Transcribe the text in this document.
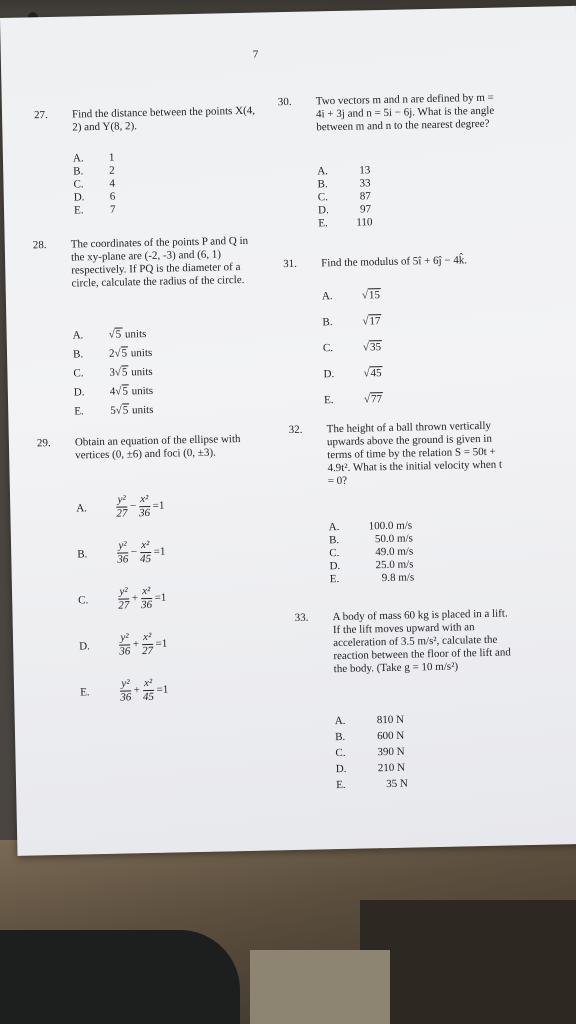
7
27. Find the distance between the points X(4, 2) and Y(8, 2).
A. 1
B. 2
C. 4
D. 6
E. 7
28. The coordinates of the points P and Q in the xy-plane are (-2, -3) and (6, 1) respectively. If PQ is the diameter of a circle, calculate the radius of the circle.
A. √5 units
B. 2√5 units
C. 3√5 units
D. 4√5 units
E. 5√5 units
29. Obtain an equation of the ellipse with vertices (0, ±6) and foci (0, ±3).
A.	$\frac{\text{y²}}{27} - \frac{\text{x²}}{36} =1$
B.	$\frac{\text{y²}}{36} - \frac{\text{x²}}{45} =1$
C.	$\frac{\text{y²}}{27} + \frac{\text{x²}}{36} =1$
D.	$\frac{\text{y²}}{36} + \frac{\text{x²}}{27} =1$
E.	$\frac{\text{y²}}{36} + \frac{\text{x²}}{45} =1$
30. Two vectors m and n are defined by m = 4i + 3j and n = 5i − 6j. What is the angle between m and n to the nearest degree?
A.	13
B.	33
C.	87
D.	97
E.	110
31. Find the modulus of 5î + 6ĵ − 4k̂.
A.	√15
B.	√17
C.	√35
D.	√45
E.	√77
32. The height of a ball thrown vertically upwards above the ground is given in terms of time by the relation S = 50t + 4.9t². What is the initial velocity when t = 0?
A.	100.0 m/s
B.	50.0 m/s
C.	49.0 m/s
D.	25.0 m/s
E.	9.8 m/s
33. A body of mass 60 kg is placed in a lift. If the lift moves upward with an acceleration of 3.5 m/s², calculate the reaction between the floor of the lift and the body. (Take g = 10 m/s²)
A.	810 N
B.	600 N
C.	390 N
D.	210 N
E.	35 N
